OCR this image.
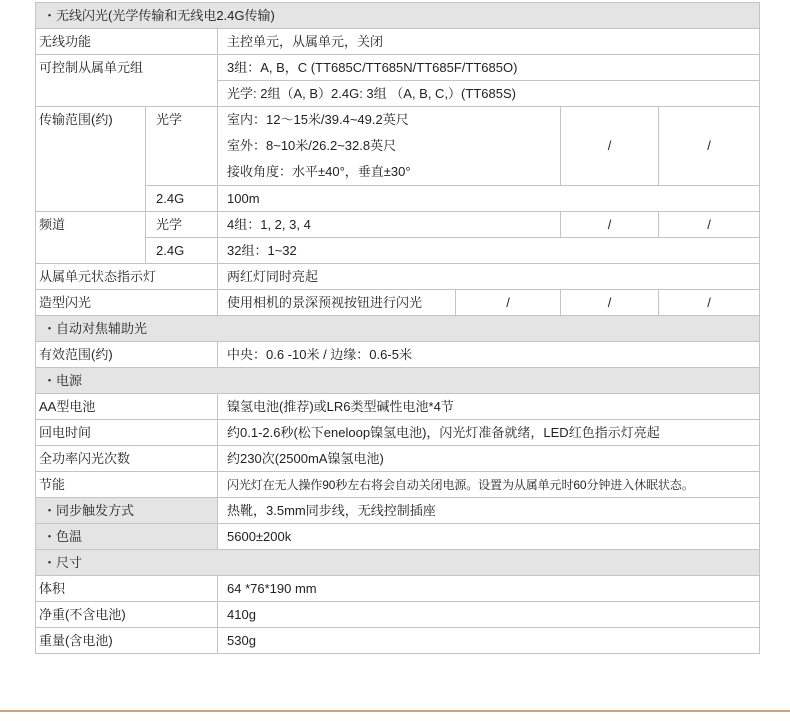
・无线闪光(光学传输和无线电2.4G传输)					
无线功能		主控单元，从属单元，关闭			
可控制从属单元组		3组：A, B，C (TT685C/TT685N/TT685F/TT685O)			
		光学: 2组（A, B）2.4G: 3组 （A, B, C,）(TT685S)			
传输范围(约)	光学	室内：12～15米/39.4~49.2英尺
室外：8~10米/26.2~32.8英尺
接收角度：水平±40°，垂直±30°		/	/
	2.4G	100m			
频道	光学	4组：1, 2, 3, 4		/	/
	2.4G	32组：1~32			
从属单元状态指示灯		两红灯同时亮起			
造型闪光		使用相机的景深预视按钮进行闪光	/	/	/
・自动对焦辅助光					
有效范围(约)		中央：0.6 -10米 / 边缘：0.6-5米			
・电源					
AA型电池		镍氢电池(推荐)或LR6类型碱性电池*4节			
回电时间		约0.1-2.6秒(松下eneloop镍氢电池)，闪光灯准备就绪，LED红色指示灯亮起			
全功率闪光次数		约230次(2500mA镍氢电池)			
节能		闪光灯在无人操作90秒左右将会自动关闭电源。设置为从属单元时60分钟进入休眠状态。			
・同步触发方式		热靴，3.5mm同步线，无线控制插座			
・色温		5600±200k			
・尺寸					
体积		64 *76*190 mm			
净重(不含电池)		410g			
重量(含电池)		530g			
